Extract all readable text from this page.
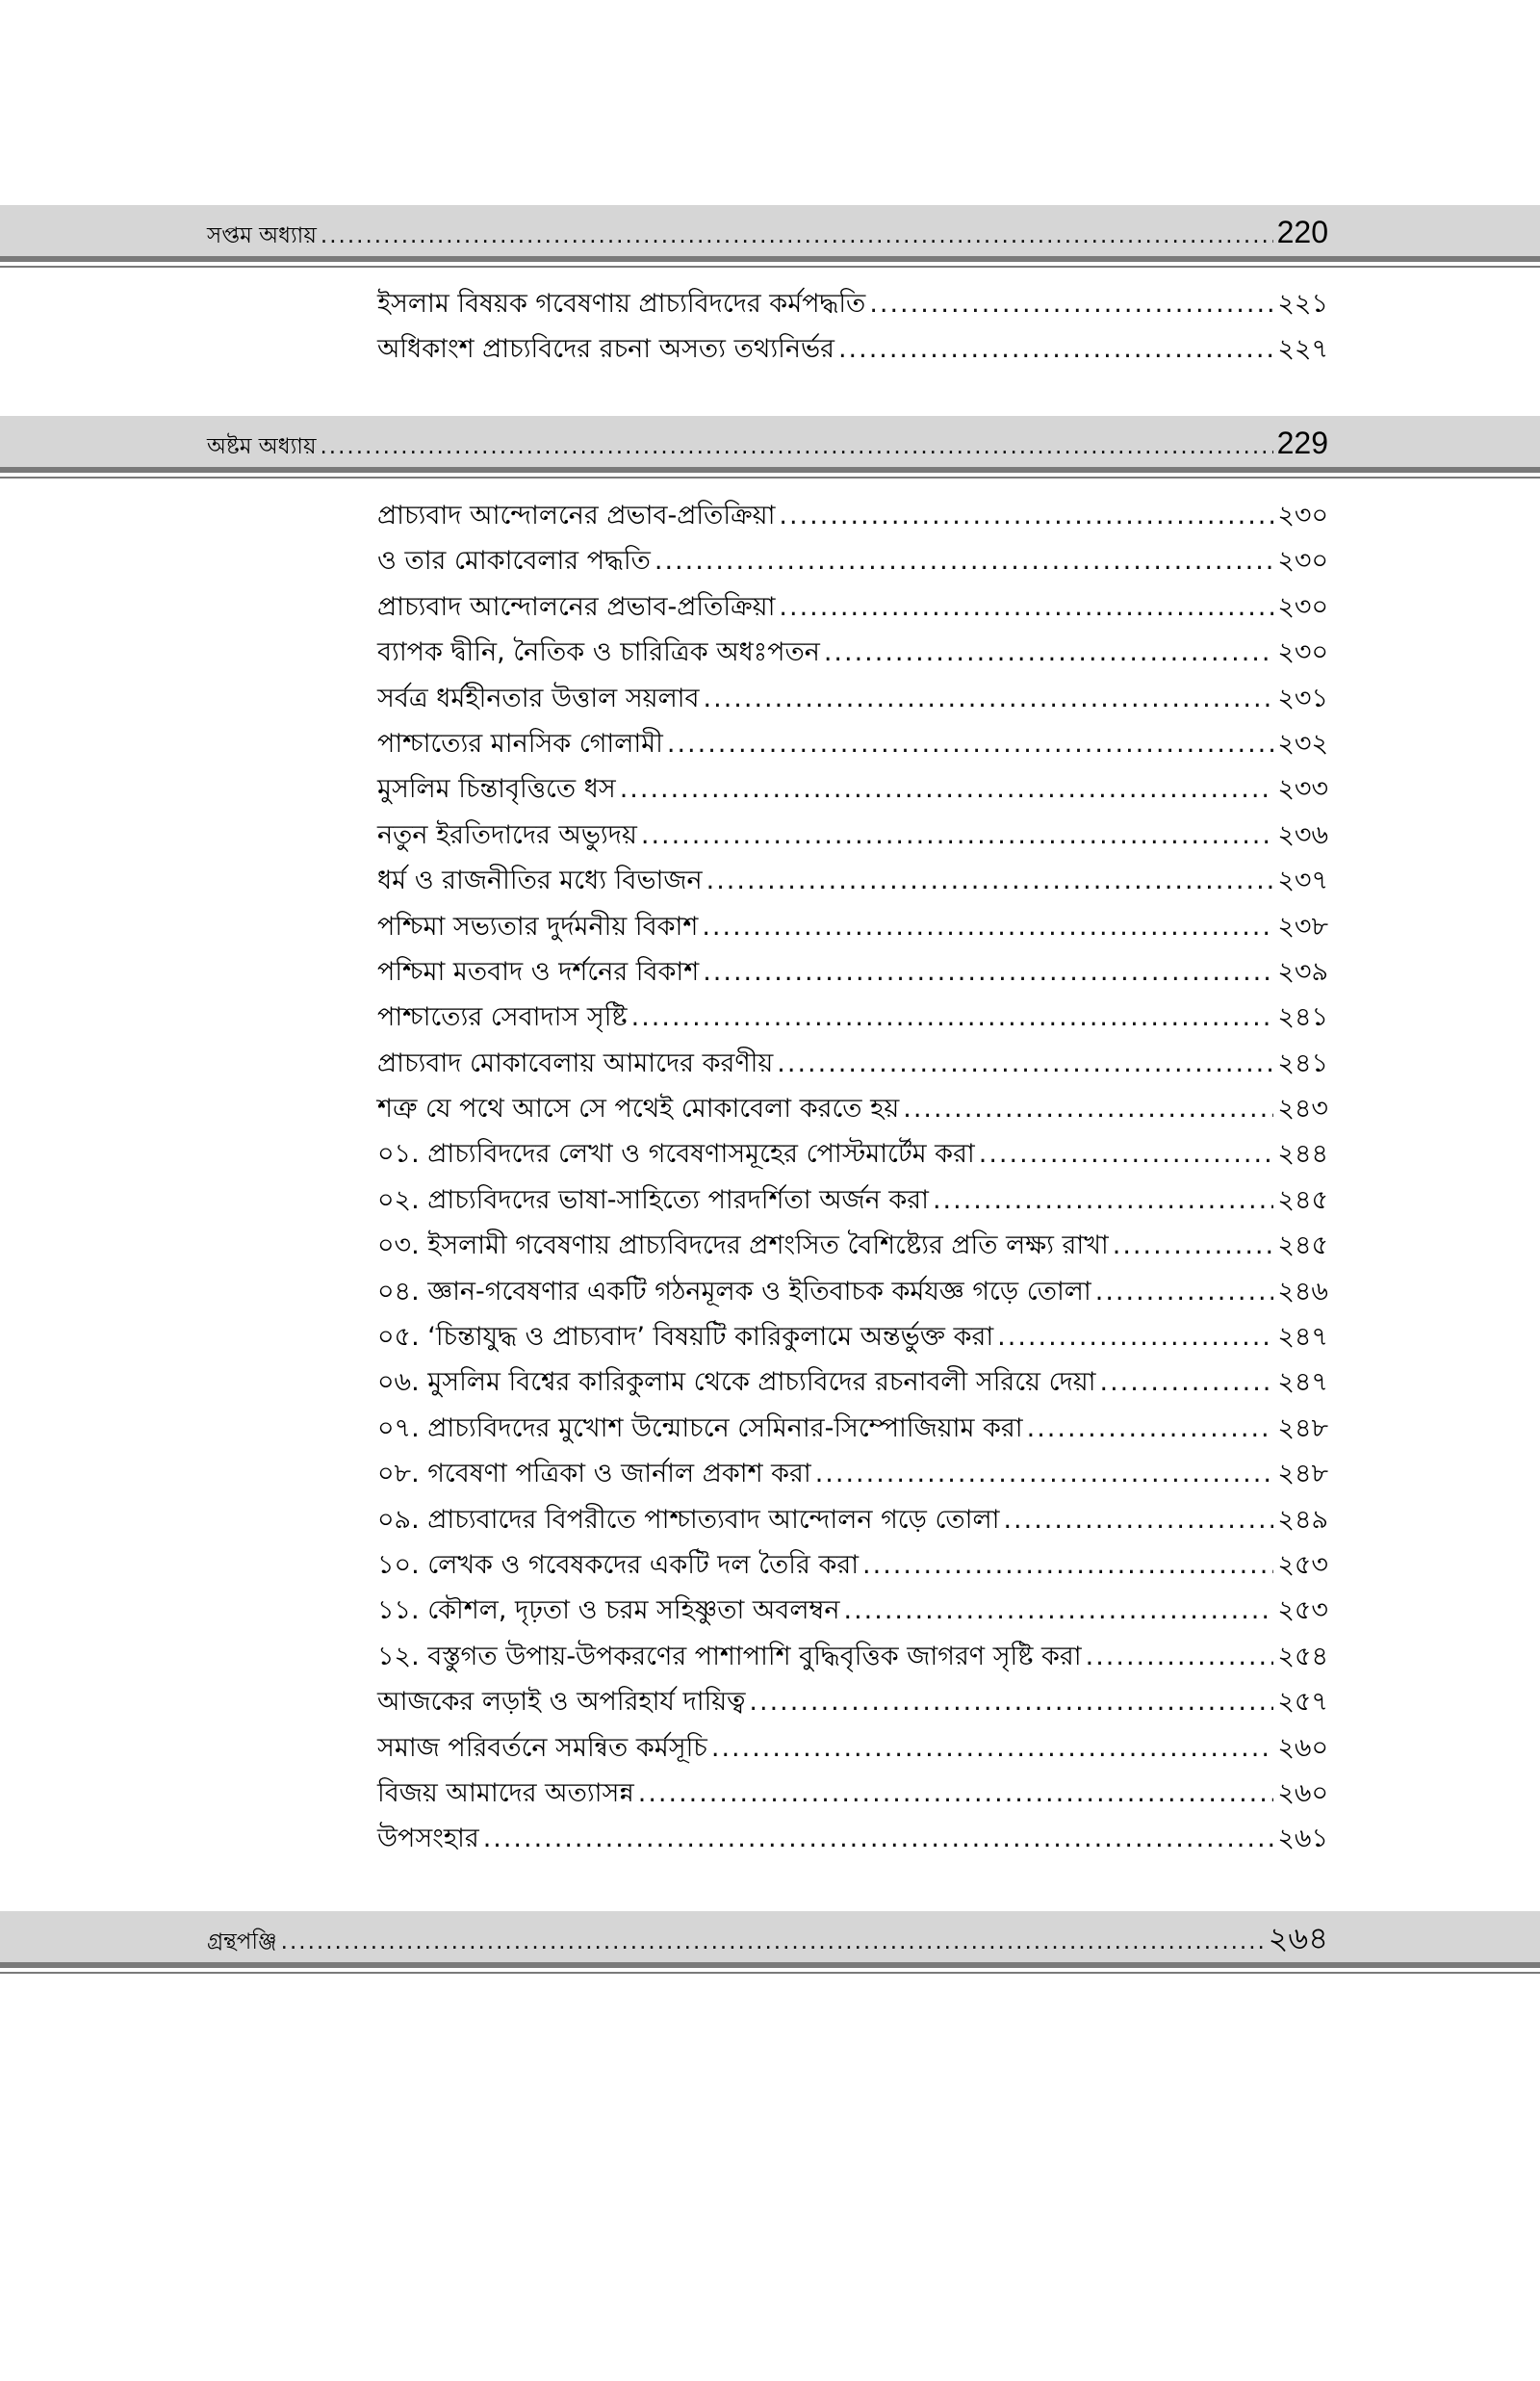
সপ্তম অধ্যায় .....	220
ইসলাম বিষয়ক গবেষণায় প্রাচ্যবিদদের কর্মপদ্ধতি .....	২২১
অধিকাংশ প্রাচ্যবিদের রচনা অসত্য তথ্যনির্ভর .....	২২৭
অষ্টম অধ্যায় .....	229
প্রাচ্যবাদ আন্দোলনের প্রভাব-প্রতিক্রিয়া .....	২৩০
ও তার মোকাবেলার পদ্ধতি .....	২৩০
প্রাচ্যবাদ আন্দোলনের প্রভাব-প্রতিক্রিয়া .....	২৩০
ব্যাপক দ্বীনি, নৈতিক ও চারিত্রিক অধঃপতন .....	২৩০
সর্বত্র ধর্মহীনতার উত্তাল সয়লাব .....	২৩১
পাশ্চাত্যের মানসিক গোলামী .....	২৩২
মুসলিম চিন্তাবৃত্তিতে ধস .....	২৩৩
নতুন ইরতিদাদের অভ্যুদয় .....	২৩৬
ধর্ম ও রাজনীতির মধ্যে বিভাজন .....	২৩৭
পশ্চিমা সভ্যতার দুর্দমনীয় বিকাশ .....	২৩৮
পশ্চিমা মতবাদ ও দর্শনের বিকাশ .....	২৩৯
পাশ্চাত্যের সেবাদাস সৃষ্টি .....	২৪১
প্রাচ্যবাদ মোকাবেলায় আমাদের করণীয় .....	২৪১
শত্রু যে পথে আসে সে পথেই মোকাবেলা করতে হয় .....	২৪৩
০১. প্রাচ্যবিদদের লেখা ও গবেষণাসমূহের পোস্টমার্টেম করা .....	২৪৪
০২. প্রাচ্যবিদদের ভাষা-সাহিত্যে পারদর্শিতা অর্জন করা .....	২৪৫
০৩. ইসলামী গবেষণায় প্রাচ্যবিদদের প্রশংসিত বৈশিষ্ট্যের প্রতি লক্ষ্য রাখা .....	২৪৫
০৪. জ্ঞান-গবেষণার একটি গঠনমূলক ও ইতিবাচক কর্মযজ্ঞ গড়ে তোলা .....	২৪৬
০৫. ‘চিন্তাযুদ্ধ ও প্রাচ্যবাদ’ বিষয়টি কারিকুলামে অন্তর্ভুক্ত করা .....	২৪৭
০৬. মুসলিম বিশ্বের কারিকুলাম থেকে প্রাচ্যবিদের রচনাবলী সরিয়ে দেয়া .....	২৪৭
০৭. প্রাচ্যবিদদের মুখোশ উন্মোচনে সেমিনার-সিম্পোজিয়াম করা .....	২৪৮
০৮. গবেষণা পত্রিকা ও জার্নাল প্রকাশ করা .....	২৪৮
০৯. প্রাচ্যবাদের বিপরীতে পাশ্চাত্যবাদ আন্দোলন গড়ে তোলা .....	২৪৯
১০. লেখক ও গবেষকদের একটি দল তৈরি করা .....	২৫৩
১১. কৌশল, দৃঢ়তা ও চরম সহিষ্ণুতা অবলম্বন .....	২৫৩
১২. বস্তুগত উপায়-উপকরণের পাশাপাশি বুদ্ধিবৃত্তিক জাগরণ সৃষ্টি করা .....	২৫৪
আজকের লড়াই ও অপরিহার্য দায়িত্ব .....	২৫৭
সমাজ পরিবর্তনে সমন্বিত কর্মসূচি .....	২৬০
বিজয় আমাদের অত্যাসন্ন .....	২৬০
উপসংহার .....	২৬১
গ্রন্থপঞ্জি .....	২৬৪
